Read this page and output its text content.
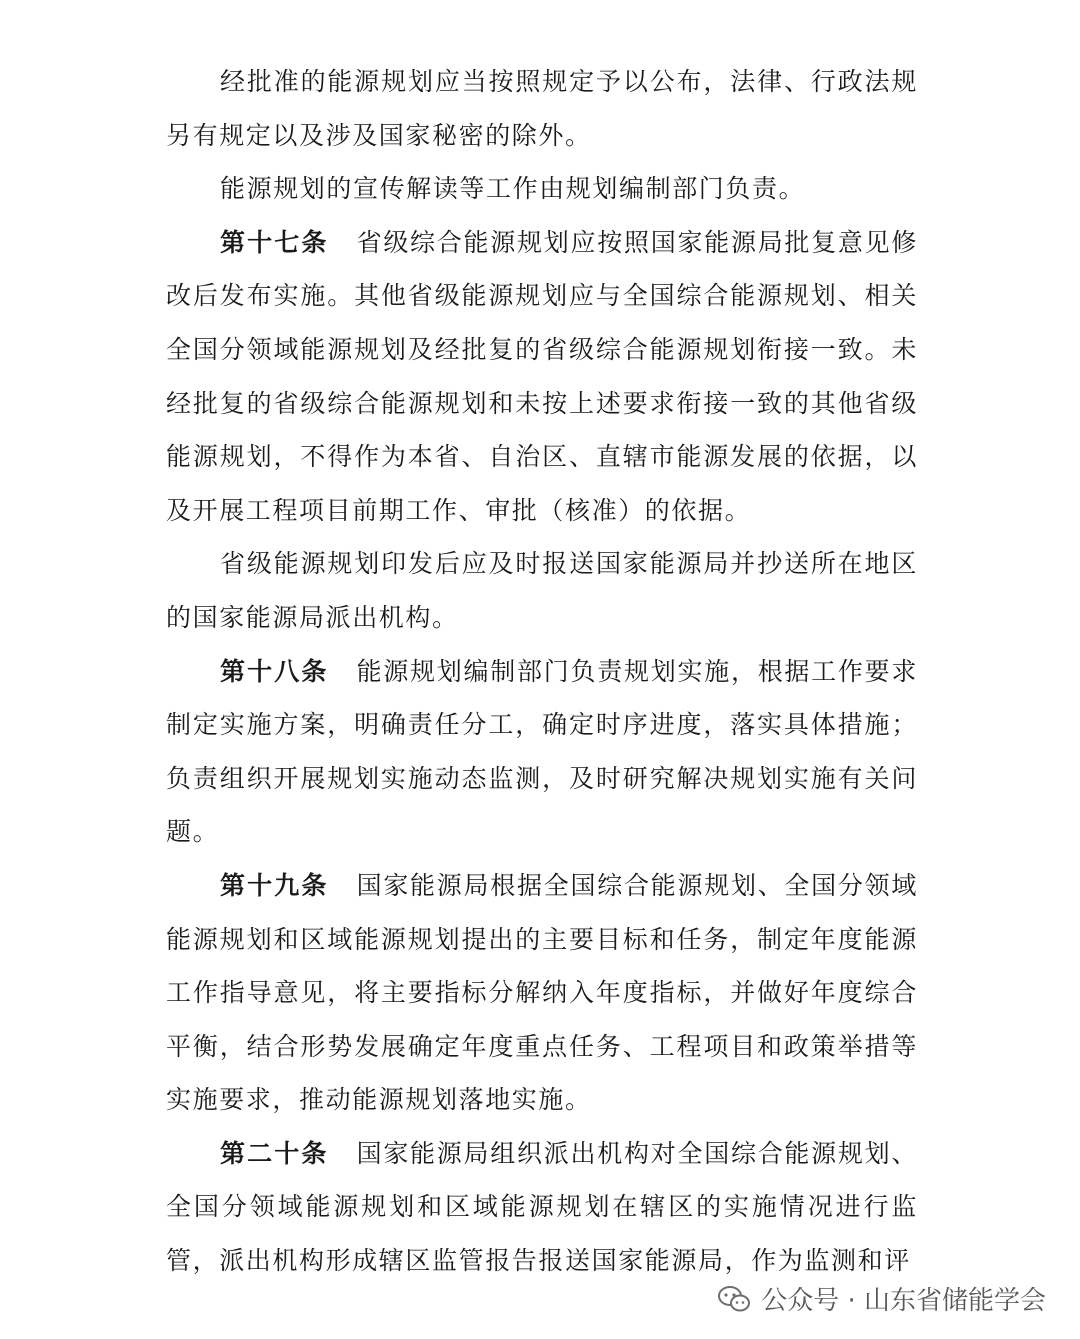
经批准的能源规划应当按照规定予以公布，法律、行政法规另有规定以及涉及国家秘密的除外。

能源规划的宣传解读等工作由规划编制部门负责。

第十七条 省级综合能源规划应按照国家能源局批复意见修改后发布实施。其他省级能源规划应与全国综合能源规划、相关全国分领域能源规划及经批复的省级综合能源规划衔接一致。未经批复的省级综合能源规划和未按上述要求衔接一致的其他省级能源规划，不得作为本省、自治区、直辖市能源发展的依据，以及开展工程项目前期工作、审批（核准）的依据。

省级能源规划印发后应及时报送国家能源局并抄送所在地区的国家能源局派出机构。

第十八条 能源规划编制部门负责规划实施，根据工作要求制定实施方案，明确责任分工，确定时序进度，落实具体措施；负责组织开展规划实施动态监测，及时研究解决规划实施有关问题。

第十九条 国家能源局根据全国综合能源规划、全国分领域能源规划和区域能源规划提出的主要目标和任务，制定年度能源工作指导意见，将主要指标分解纳入年度指标，并做好年度综合平衡，结合形势发展确定年度重点任务、工程项目和政策举措等实施要求，推动能源规划落地实施。

第二十条 国家能源局组织派出机构对全国综合能源规划、全国分领域能源规划和区域能源规划在辖区的实施情况进行监管，派出机构形成辖区监管报告报送国家能源局，作为监测和评

公众号 · 山东省储能学会
